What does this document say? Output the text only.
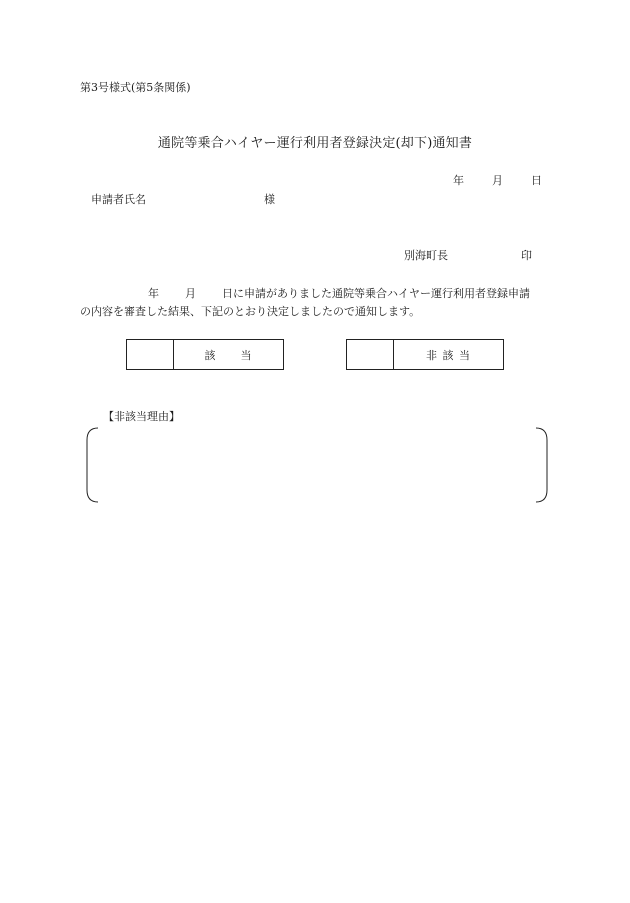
第3号様式(第5条関係)
通院等乗合ハイヤー運行利用者登録決定(却下)通知書
年	月	日
申請者氏名	様
別海町長	印
年 月 日に申請がありました通院等乗合ハイヤー運行利用者登録申請
の内容を審査した結果、下記のとおり決定しましたので通知します。
該　　当	非 該 当
【非該当理由】
